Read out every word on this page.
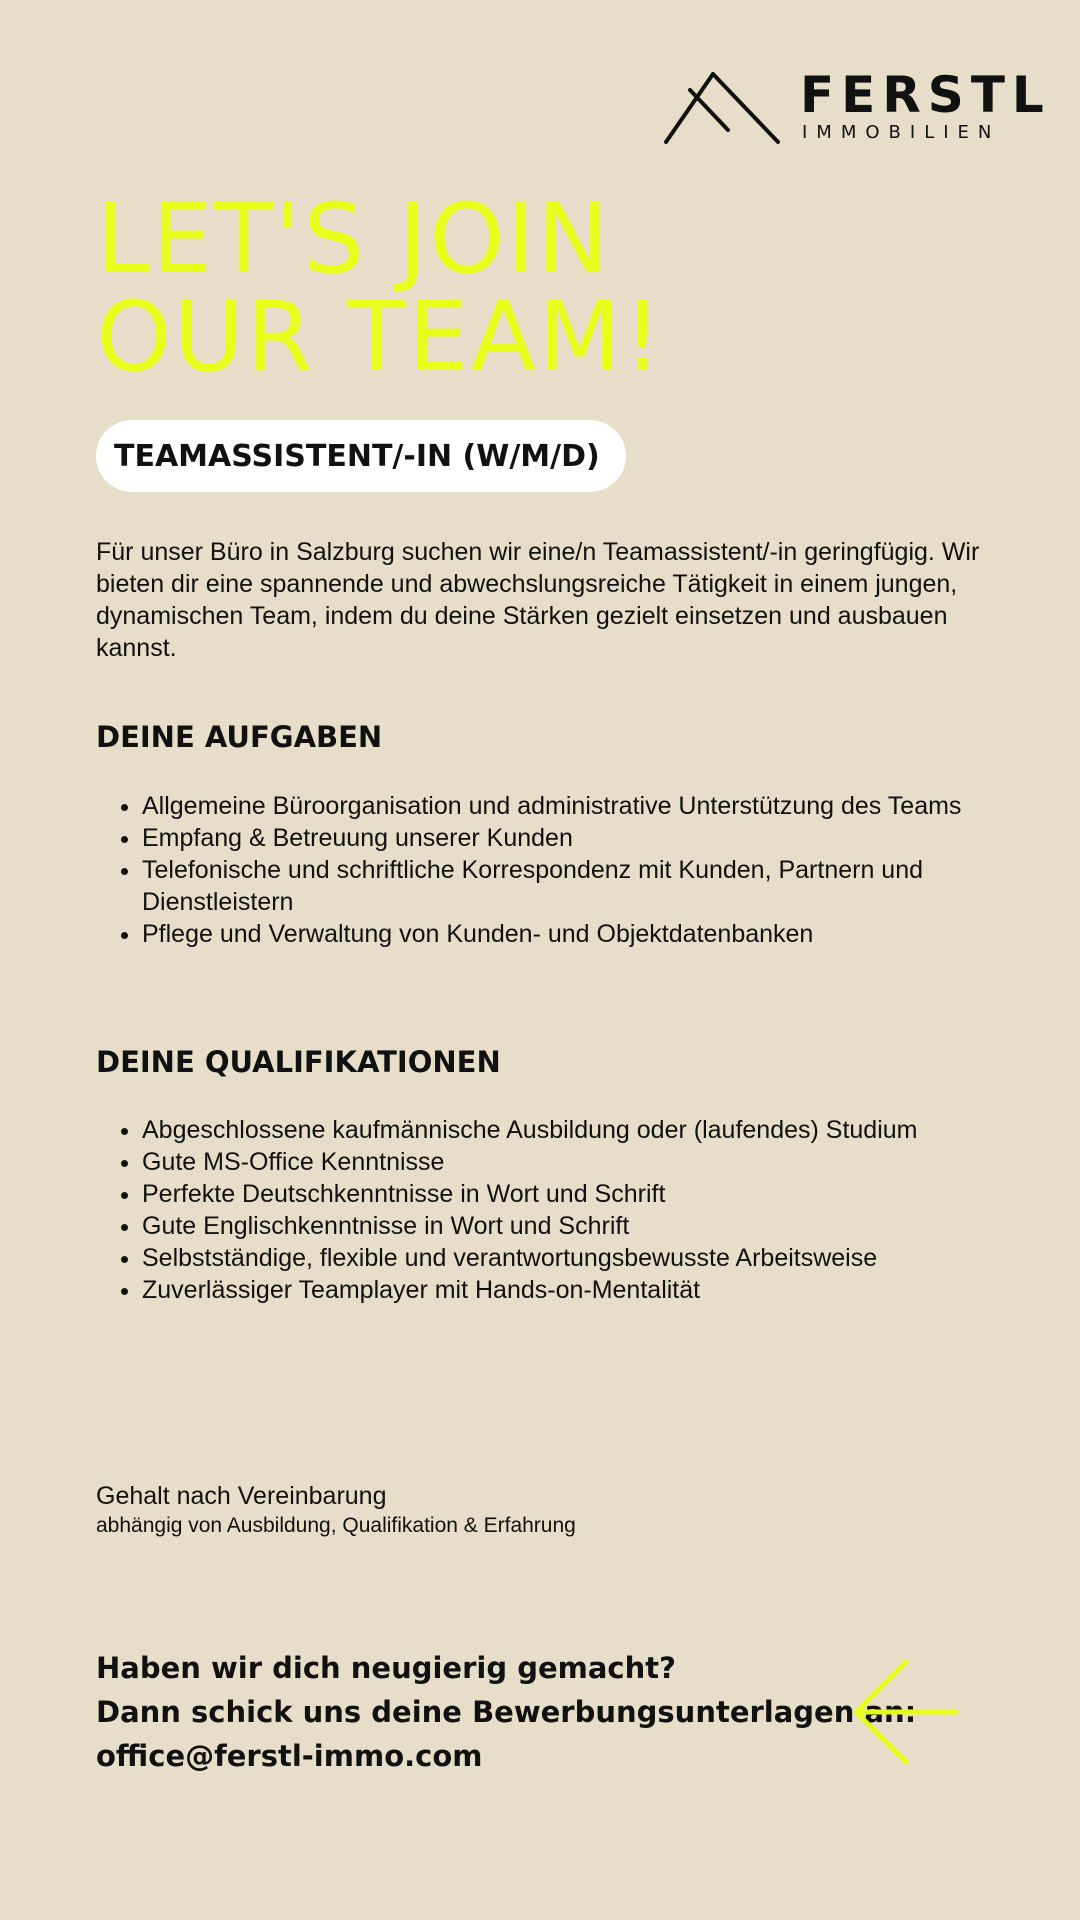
FERSTL
IMMOBILIEN
LET'S JOIN
OUR TEAM!
TEAMASSISTENT/-IN (W/M/D)

Für unser Büro in Salzburg suchen wir eine/n Teamassistent/-in geringfügig. Wir bieten dir eine spannende und abwechslungsreiche Tätigkeit in einem jungen, dynamischen Team, indem du deine Stärken gezielt einsetzen und ausbauen kannst.

DEINE AUFGABEN
• Allgemeine Büroorganisation und administrative Unterstützung des Teams
• Empfang & Betreuung unserer Kunden
• Telefonische und schriftliche Korrespondenz mit Kunden, Partnern und Dienstleistern
• Pflege und Verwaltung von Kunden- und Objektdatenbanken
DEINE QUALIFIKATIONEN
• Abgeschlossene kaufmännische Ausbildung oder (laufendes) Studium
• Gute MS-Office Kenntnisse
• Perfekte Deutschkenntnisse in Wort und Schrift
• Gute Englischkenntnisse in Wort und Schrift
• Selbstständige, flexible und verantwortungsbewusste Arbeitsweise
• Zuverlässiger Teamplayer mit Hands-on-Mentalität

Gehalt nach Vereinbarung
abhängig von Ausbildung, Qualifikation & Erfahrung

Haben wir dich neugierig gemacht?
Dann schick uns deine Bewerbungsunterlagen an:
office@ferstl-immo.com
